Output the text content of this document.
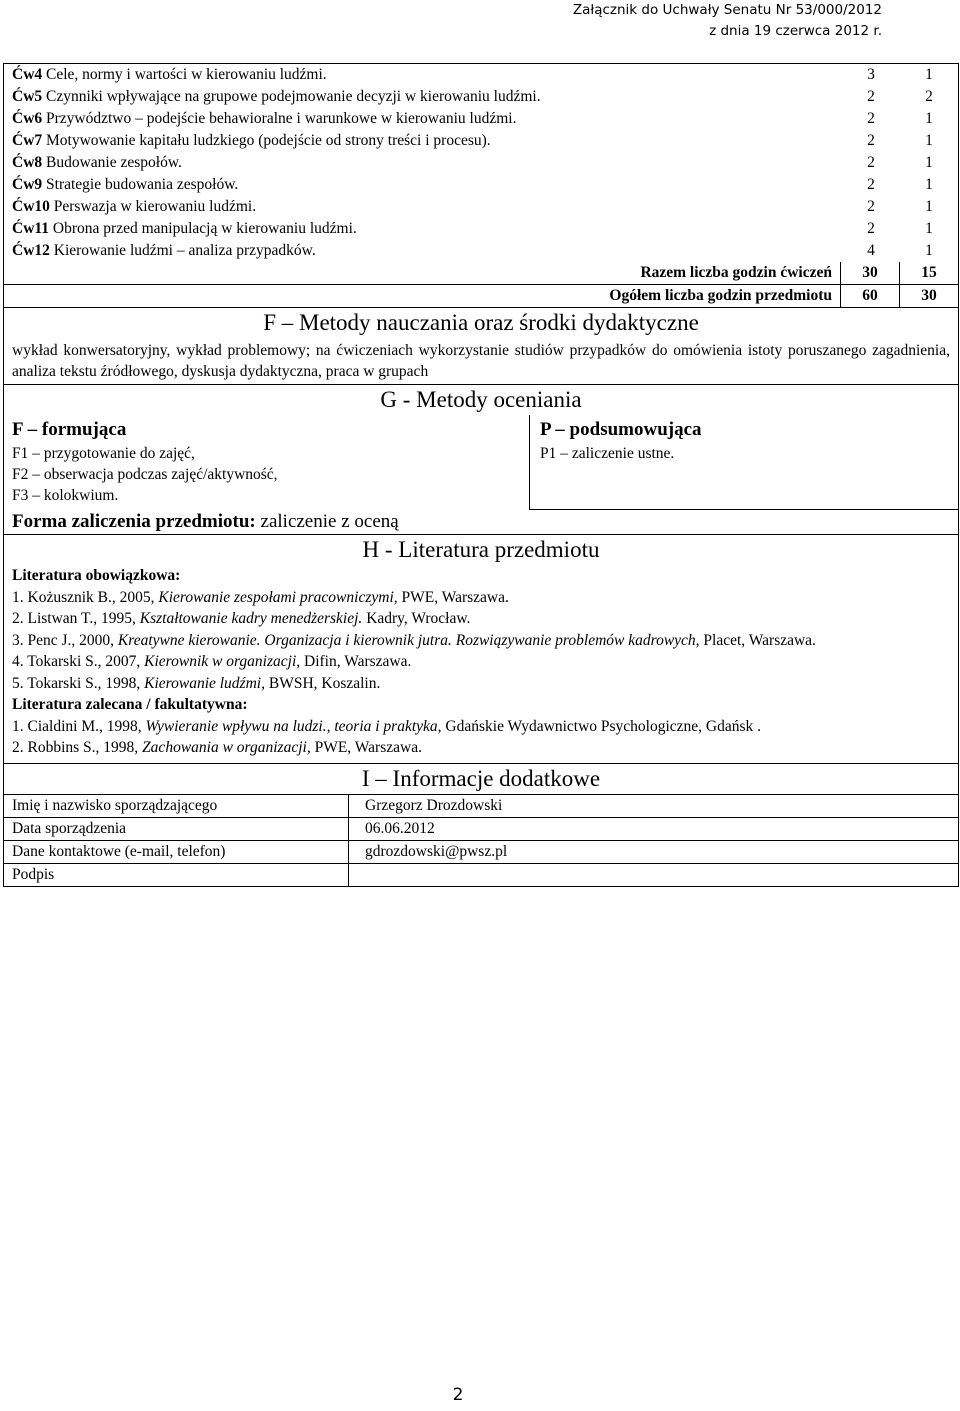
Załącznik do Uchwały Senatu Nr 53/000/2012
z dnia 19 czerwca 2012 r.
Ćw4 Cele, normy i wartości w kierowaniu ludźmi.	3	1
Ćw5 Czynniki wpływające na grupowe podejmowanie decyzji w kierowaniu ludźmi.	2	2
Ćw6 Przywództwo – podejście behawioralne i warunkowe w kierowaniu ludźmi.	2	1
Ćw7 Motywowanie kapitału ludzkiego (podejście od strony treści i procesu).	2	1
Ćw8 Budowanie zespołów.	2	1
Ćw9 Strategie budowania zespołów.	2	1
Ćw10 Perswazja w kierowaniu ludźmi.	2	1
Ćw11 Obrona przed manipulacją w kierowaniu ludźmi.	2	1
Ćw12 Kierowanie ludźmi – analiza przypadków.	4	1
Razem liczba godzin ćwiczeń	30	15
Ogółem liczba godzin przedmiotu	60	30
F – Metody nauczania oraz środki dydaktyczne
wykład konwersatoryjny, wykład problemowy; na ćwiczeniach wykorzystanie studiów przypadków do omówienia istoty poruszanego zagadnienia, analiza tekstu źródłowego, dyskusja dydaktyczna, praca w grupach
G - Metody oceniania
F – formująca
F1 – przygotowanie do zajęć,
F2 – obserwacja podczas zajęć/aktywność,
F3 – kolokwium.
P – podsumowująca
P1 – zaliczenie ustne.
Forma zaliczenia przedmiotu: zaliczenie z oceną
H - Literatura przedmiotu
Literatura obowiązkowa:
1. Kożusznik B., 2005, Kierowanie zespołami pracowniczymi, PWE, Warszawa.
2. Listwan T., 1995, Kształtowanie kadry menedżerskiej. Kadry, Wrocław.
3. Penc J., 2000, Kreatywne kierowanie. Organizacja i kierownik jutra. Rozwiązywanie problemów kadrowych, Placet, Warszawa.
4. Tokarski S., 2007, Kierownik w organizacji, Difin, Warszawa.
5. Tokarski S., 1998, Kierowanie ludźmi, BWSH, Koszalin.
Literatura zalecana / fakultatywna:
1. Cialdini M., 1998, Wywieranie wpływu na ludzi., teoria i praktyka, Gdańskie Wydawnictwo Psychologiczne, Gdańsk .
2. Robbins S., 1998, Zachowania w organizacji, PWE, Warszawa.
I – Informacje dodatkowe
Imię i nazwisko sporządzającego	Grzegorz Drozdowski
Data sporządzenia	06.06.2012
Dane kontaktowe (e-mail, telefon)	gdrozdowski@pwsz.pl
Podpis
2
